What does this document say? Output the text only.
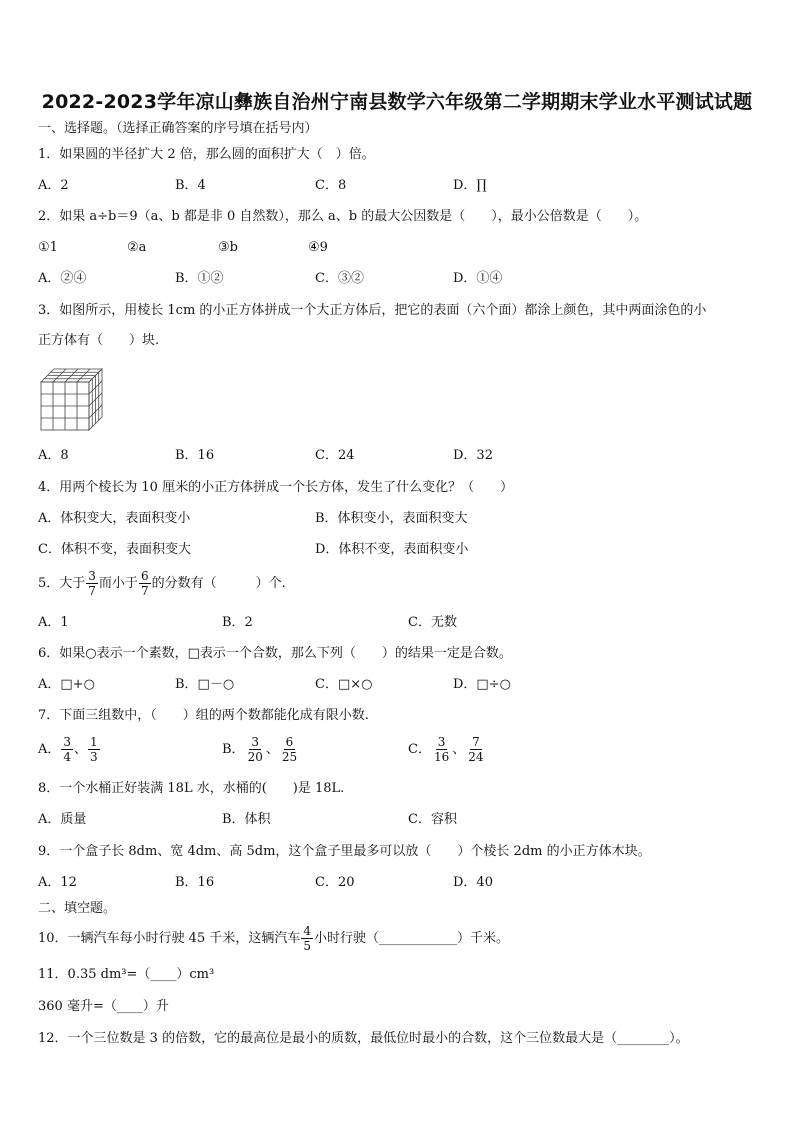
2022-2023学年凉山彝族自治州宁南县数学六年级第二学期期末学业水平测试试题
一、选择题。（选择正确答案的序号填在括号内）
1．如果圆的半径扩大 2 倍，那么圆的面积扩大（　）倍。
A．2	B．4	C．8	D．∏
2．如果 a÷b＝9（a、b 都是非 0 自然数），那么 a、b 的最大公因数是（　　），最小公倍数是（　　）。
①1	②a	③b	④9
A．②④	B．①②	C．③②	D．①④
3．如图所示，用棱长 1cm 的小正方体拼成一个大正方体后，把它的表面（六个面）都涂上颜色，其中两面涂色的小
正方体有（　　）块.
A．8	B．16	C．24	D．32
4．用两个棱长为 10 厘米的小正方体拼成一个长方体，发生了什么变化？（　　）
A．体积变大，表面积变小	B．体积变小，表面积变大
C．体积不变，表面积变大	D．体积不变，表面积变小
5．大于 $\frac{3}{7}$ 而小于 $\frac{6}{7}$ 的分数有（　　　）个.
A．1	B．2	C．无数
6．如果○表示一个素数，□表示一个合数，那么下列（　　）的结果一定是合数。
A．□+○	B．□－○	C．□×○	D．□÷○
7．下面三组数中，（　　）组的两个数都能化成有限小数.
A． $\frac{3}{4}$ 、 $\frac{1}{3}$	B． $\frac{3}{20}$ 、 $\frac{6}{25}$	C． $\frac{3}{16}$ 、 $\frac{7}{24}$
8．一个水桶正好装满 18L 水，水桶的(　　)是 18L.
A．质量	B．体积	C．容积
9．一个盒子长 8dm、宽 4dm、高 5dm，这个盒子里最多可以放（　　）个棱长 2dm 的小正方体木块。
A．12	B．16	C．20	D．40
二、填空题。
10．一辆汽车每小时行驶 45 千米，这辆汽车 $\frac{4}{5}$ 小时行驶（____________）千米。
11．0.35 dm³=（____）cm³
360 毫升=（____）升
12．一个三位数是 3 的倍数，它的最高位是最小的质数，最低位时最小的合数，这个三位数最大是（________）。
